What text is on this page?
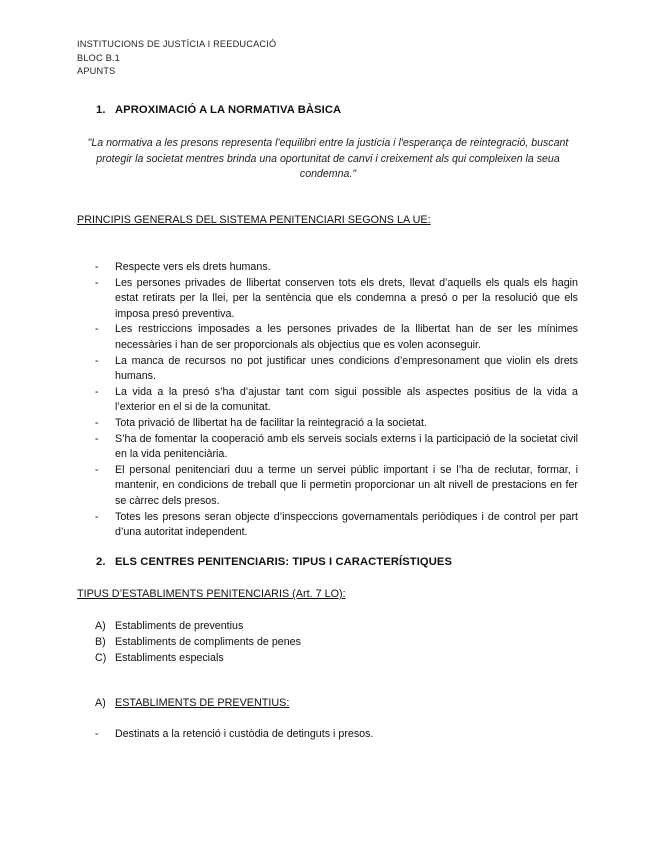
INSTITUCIONS DE JUSTÍCIA I REEDUCACIÓ
BLOC B.1
APUNTS
1. APROXIMACIÓ A LA NORMATIVA BÀSICA
"La normativa a les presons representa l'equilibri entre la justícia i l'esperança de reintegració, buscant protegir la societat mentres brinda una oportunitat de canvi i creixement als qui compleixen la seua condemna."
PRINCIPIS GENERALS DEL SISTEMA PENITENCIARI SEGONS LA UE:
- Respecte vers els drets humans.
- Les persones privades de llibertat conserven tots els drets, llevat d’aquells els quals els hagin estat retirats per la llei, per la sentència que els condemna a presó o per la resolució que els imposa presó preventiva.
- Les restriccions imposades a les persones privades de la llibertat han de ser les mínimes necessàries i han de ser proporcionals als objectius que es volen aconseguir.
- La manca de recursos no pot justificar unes condicions d’empresonament que violin els drets humans.
- La vida a la presó s’ha d’ajustar tant com sigui possible als aspectes positius de la vida a l’exterior en el si de la comunitat.
- Tota privació de llibertat ha de facilitar la reintegració a la societat.
- S’ha de fomentar la cooperació amb els serveis socials externs i la participació de la societat civil en la vida penitenciària.
- El personal penitenciari duu a terme un servei públic important i se l’ha de reclutar, formar, i mantenir, en condicions de treball que li permetin proporcionar un alt nivell de prestacions en fer se càrrec dels presos.
- Totes les presons seran objecte d’inspeccions governamentals periòdiques i de control per part d’una autoritat independent.
2. ELS CENTRES PENITENCIARIS: TIPUS I CARACTERÍSTIQUES
TIPUS D’ESTABLIMENTS PENITENCIARIS (Art. 7 LO):
A) Establiments de preventius
B) Establiments de compliments de penes
C) Establiments especials
A) ESTABLIMENTS DE PREVENTIUS:
- Destinats a la retenció i custòdia de detinguts i presos.
